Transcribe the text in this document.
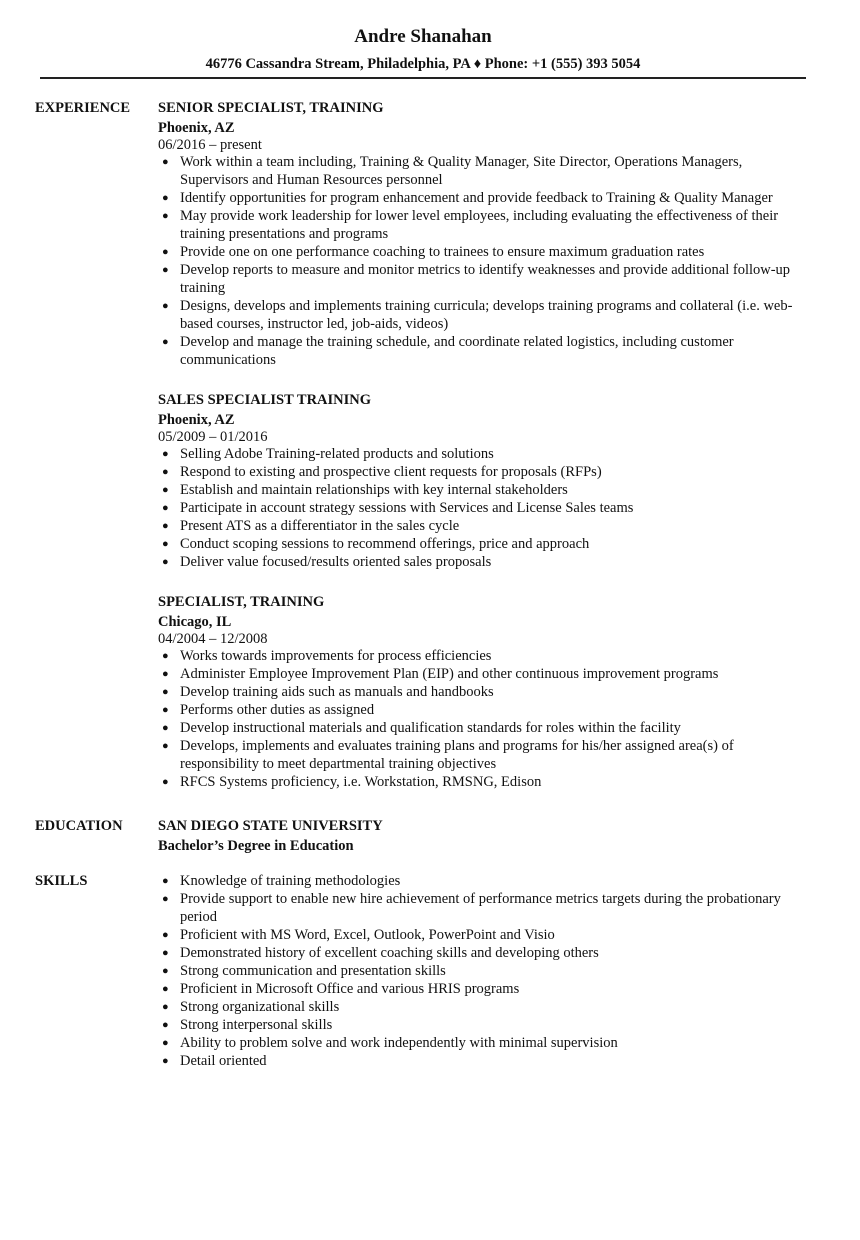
Andre Shanahan
46776 Cassandra Stream, Philadelphia, PA ♦ Phone: +1 (555) 393 5054
EXPERIENCE	SENIOR SPECIALIST, TRAINING
Phoenix, AZ
06/2016 – present
● Work within a team including, Training & Quality Manager, Site Director, Operations Managers, Supervisors and Human Resources personnel
● Identify opportunities for program enhancement and provide feedback to Training & Quality Manager
● May provide work leadership for lower level employees, including evaluating the effectiveness of their training presentations and programs
● Provide one on one performance coaching to trainees to ensure maximum graduation rates
● Develop reports to measure and monitor metrics to identify weaknesses and provide additional follow-up training
● Designs, develops and implements training curricula; develops training programs and collateral (i.e. web-based courses, instructor led, job-aids, videos)
● Develop and manage the training schedule, and coordinate related logistics, including customer communications
SALES SPECIALIST TRAINING
Phoenix, AZ
05/2009 – 01/2016
● Selling Adobe Training-related products and solutions
● Respond to existing and prospective client requests for proposals (RFPs)
● Establish and maintain relationships with key internal stakeholders
● Participate in account strategy sessions with Services and License Sales teams
● Present ATS as a differentiator in the sales cycle
● Conduct scoping sessions to recommend offerings, price and approach
● Deliver value focused/results oriented sales proposals
SPECIALIST, TRAINING
Chicago, IL
04/2004 – 12/2008
● Works towards improvements for process efficiencies
● Administer Employee Improvement Plan (EIP) and other continuous improvement programs
● Develop training aids such as manuals and handbooks
● Performs other duties as assigned
● Develop instructional materials and qualification standards for roles within the facility
● Develops, implements and evaluates training plans and programs for his/her assigned area(s) of responsibility to meet departmental training objectives
● RFCS Systems proficiency, i.e. Workstation, RMSNG, Edison
EDUCATION	SAN DIEGO STATE UNIVERSITY
Bachelor’s Degree in Education
SKILLS	● Knowledge of training methodologies
● Provide support to enable new hire achievement of performance metrics targets during the probationary period
● Proficient with MS Word, Excel, Outlook, PowerPoint and Visio
● Demonstrated history of excellent coaching skills and developing others
● Strong communication and presentation skills
● Proficient in Microsoft Office and various HRIS programs
● Strong organizational skills
● Strong interpersonal skills
● Ability to problem solve and work independently with minimal supervision
● Detail oriented
